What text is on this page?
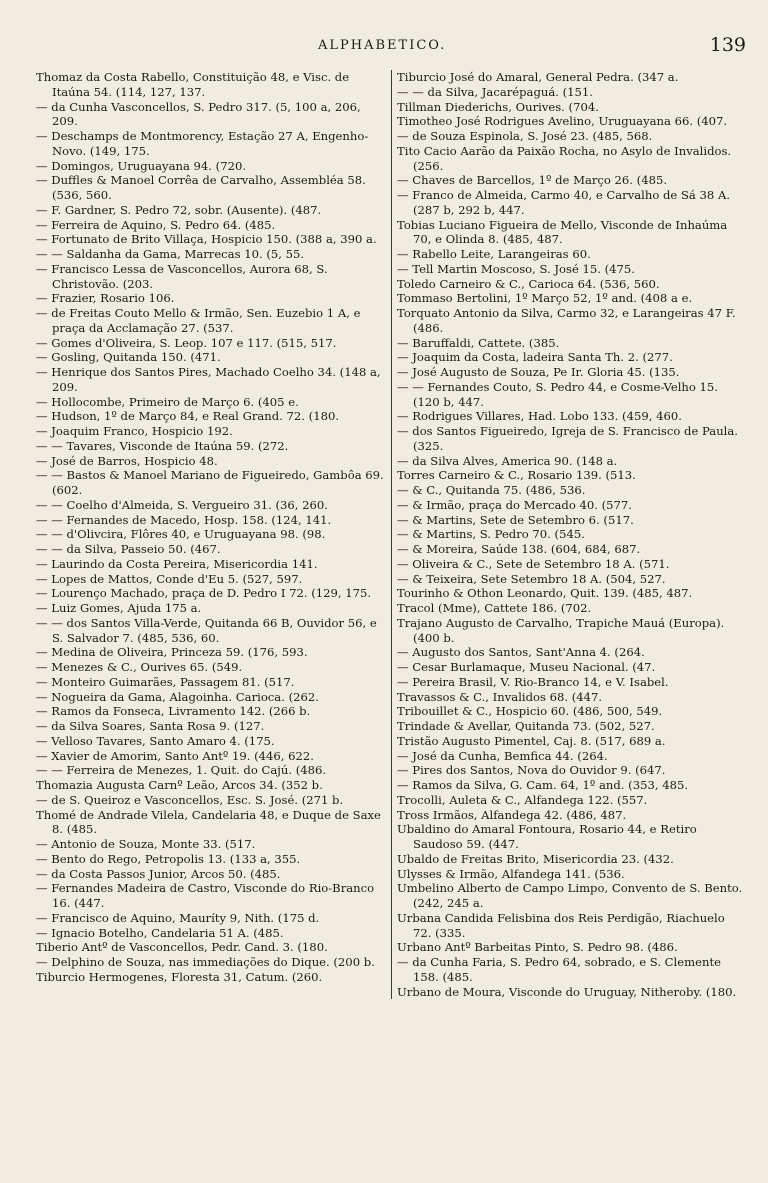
ALPHABETICO.	139

Thomaz da Costa Rabello, Constituição 48, e Visc. de Itaúna 54. (114, 127, 137.

— da Cunha Vasconcellos, S. Pedro 317. (5, 100 a, 206, 209.

— Deschamps de Montmorency, Estação 27 A, Engenho-Novo. (149, 175.

— Domingos, Uruguayana 94. (720.

— Duffles & Manoel Corrêa de Carvalho, Assembléa 58. (536, 560.

— F. Gardner, S. Pedro 72, sobr. (Ausente). (487.

— Ferreira de Aquino, S. Pedro 64. (485.

— Fortunato de Brito Villaça, Hospicio 150. (388 a, 390 a.

— — Saldanha da Gama, Marrecas 10. (5, 55.

— Francisco Lessa de Vasconcellos, Aurora 68, S. Christovão. (203.

— Frazier, Rosario 106.

— de Freitas Couto Mello & Irmão, Sen. Euzebio 1 A, e praça da Acclamação 27. (537.

— Gomes d'Oliveira, S. Leop. 107 e 117. (515, 517.

— Gosling, Quitanda 150. (471.

— Henrique dos Santos Pires, Machado Coelho 34. (148 a, 209.

— Hollocombe, Primeiro de Março 6. (405 e.

— Hudson, 1º de Março 84, e Real Grand. 72. (180.

— Joaquim Franco, Hospicio 192.

— — Tavares, Visconde de Itaúna 59. (272.

— José de Barros, Hospicio 48.

— — Bastos & Manoel Mariano de Figueiredo, Gambôa 69. (602.

— — Coelho d'Almeida, S. Vergueiro 31. (36, 260.

— — Fernandes de Macedo, Hosp. 158. (124, 141.

— — d'Olivcira, Flôres 40, e Uruguayana 98. (98.

— — da Silva, Passeio 50. (467.

— Laurindo da Costa Pereira, Misericordia 141.

— Lopes de Mattos, Conde d'Eu 5. (527, 597.

— Lourenço Machado, praça de D. Pedro I 72. (129, 175.

— Luiz Gomes, Ajuda 175 a.

— — dos Santos Villa-Verde, Quitanda 66 B, Ouvidor 56, e S. Salvador 7. (485, 536, 60.

— Medina de Oliveira, Princeza 59. (176, 593.

— Menezes & C., Ourives 65. (549.

— Monteiro Guimarães, Passagem 81. (517.

— Nogueira da Gama, Alagoinha. Carioca. (262.

— Ramos da Fonseca, Livramento 142. (266 b.

— da Silva Soares, Santa Rosa 9. (127.

— Velloso Tavares, Santo Amaro 4. (175.

— Xavier de Amorim, Santo Antº 19. (446, 622.

— — Ferreira de Menezes, 1. Quit. do Cajú. (486.

Thomazia Augusta Carnº Leão, Arcos 34. (352 b.

— de S. Queiroz e Vasconcellos, Esc. S. José. (271 b.

Thomé de Andrade Vilela, Candelaria 48, e Duque de Saxe 8. (485.

— Antonio de Souza, Monte 33. (517.

— Bento do Rego, Petropolis 13. (133 a, 355.

— da Costa Passos Junior, Arcos 50. (485.

— Fernandes Madeira de Castro, Visconde do Rio-Branco 16. (447.

— Francisco de Aquino, Mauríty 9, Nith. (175 d.

— Ignacio Botelho, Candelaria 51 A. (485.

Tiberio Antº de Vasconcellos, Pedr. Cand. 3. (180.

— Delphino de Souza, nas immediações do Dique. (200 b.

Tiburcio Hermogenes, Floresta 31, Catum. (260.

Tiburcio José do Amaral, General Pedra. (347 a.

— — da Silva, Jacarépaguá. (151.

Tillman Diederichs, Ourives. (704.

Timotheo José Rodrigues Avelino, Uruguayana 66. (407.

— de Souza Espinola, S. José 23. (485, 568.

Tito Cacio Aarão da Paixão Rocha, no Asylo de Invalidos. (256.

— Chaves de Barcellos, 1º de Março 26. (485.

— Franco de Almeida, Carmo 40, e Carvalho de Sá 38 A. (287 b, 292 b, 447.

Tobias Luciano Figueira de Mello, Visconde de Inhaúma 70, e Olinda 8. (485, 487.

— Rabello Leite, Larangeiras 60.

— Tell Martin Moscoso, S. José 15. (475.

Toledo Carneiro & C., Carioca 64. (536, 560.

Tommaso Bertolini, 1º Março 52, 1º and. (408 a e.

Torquato Antonio da Silva, Carmo 32, e Larangeiras 47 F. (486.

— Baruffaldi, Cattete. (385.

— Joaquim da Costa, ladeira Santa Th. 2. (277.

— José Augusto de Souza, Pe Ir. Gloria 45. (135.

— — Fernandes Couto, S. Pedro 44, e Cosme-Velho 15. (120 b, 447.

— Rodrigues Villares, Had. Lobo 133. (459, 460.

— dos Santos Figueiredo, Igreja de S. Francisco de Paula. (325.

— da Silva Alves, America 90. (148 a.

Torres Carneiro & C., Rosario 139. (513.

— & C., Quitanda 75. (486, 536.

— & Irmão, praça do Mercado 40. (577.

— & Martins, Sete de Setembro 6. (517.

— & Martins, S. Pedro 70. (545.

— & Moreira, Saúde 138. (604, 684, 687.

— Oliveira & C., Sete de Setembro 18 A. (571.

— & Teixeira, Sete Setembro 18 A. (504, 527.

Tourinho & Othon Leonardo, Quit. 139. (485, 487.

Tracol (Mme), Cattete 186. (702.

Trajano Augusto de Carvalho, Trapiche Mauá (Europa). (400 b.

— Augusto dos Santos, Sant'Anna 4. (264.

— Cesar Burlamaque, Museu Nacional. (47.

— Pereira Brasil, V. Rio-Branco 14, e V. Isabel.

Travassos & C., Invalidos 68. (447.

Tribouillet & C., Hospicio 60. (486, 500, 549.

Trindade & Avellar, Quitanda 73. (502, 527.

Tristão Augusto Pimentel, Caj. 8. (517, 689 a.

— José da Cunha, Bemfica 44. (264.

— Pires dos Santos, Nova do Ouvidor 9. (647.

— Ramos da Silva, G. Cam. 64, 1º and. (353, 485.

Trocolli, Auleta & C., Alfandega 122. (557.

Tross Irmãos, Alfandega 42. (486, 487.

Ubaldino do Amaral Fontoura, Rosario 44, e Retiro Saudoso 59. (447.

Ubaldo de Freitas Brito, Misericordia 23. (432.

Ulysses & Irmão, Alfandega 141. (536.

Umbelino Alberto de Campo Limpo, Convento de S. Bento. (242, 245 a.

Urbana Candida Felisbina dos Reis Perdigão, Riachuelo 72. (335.

Urbano Antº Barbeitas Pinto, S. Pedro 98. (486.

— da Cunha Faria, S. Pedro 64, sobrado, e S. Clemente 158. (485.

Urbano de Moura, Visconde do Uruguay, Nitheroby. (180.
